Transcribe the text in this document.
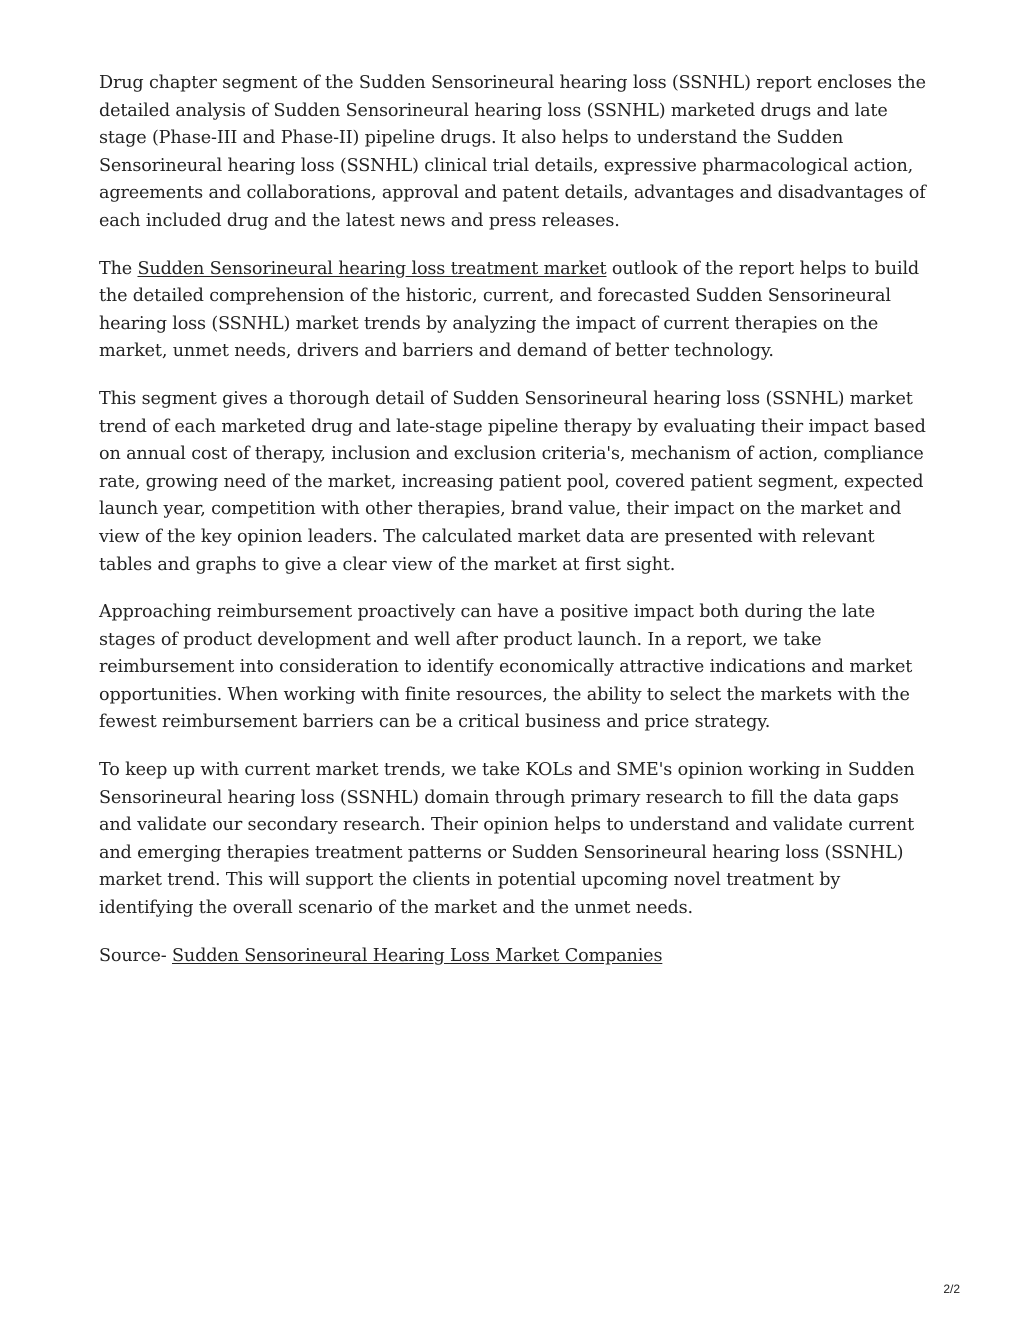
Drug chapter segment of the Sudden Sensorineural hearing loss (SSNHL) report encloses the detailed analysis of Sudden Sensorineural hearing loss (SSNHL) marketed drugs and late stage (Phase-III and Phase-II) pipeline drugs. It also helps to understand the Sudden Sensorineural hearing loss (SSNHL) clinical trial details, expressive pharmacological action, agreements and collaborations, approval and patent details, advantages and disadvantages of each included drug and the latest news and press releases.

The Sudden Sensorineural hearing loss treatment market outlook of the report helps to build the detailed comprehension of the historic, current, and forecasted Sudden Sensorineural hearing loss (SSNHL) market trends by analyzing the impact of current therapies on the market, unmet needs, drivers and barriers and demand of better technology.

This segment gives a thorough detail of Sudden Sensorineural hearing loss (SSNHL) market trend of each marketed drug and late-stage pipeline therapy by evaluating their impact based on annual cost of therapy, inclusion and exclusion criteria's, mechanism of action, compliance rate, growing need of the market, increasing patient pool, covered patient segment, expected launch year, competition with other therapies, brand value, their impact on the market and view of the key opinion leaders. The calculated market data are presented with relevant tables and graphs to give a clear view of the market at first sight.

Approaching reimbursement proactively can have a positive impact both during the late stages of product development and well after product launch. In a report, we take reimbursement into consideration to identify economically attractive indications and market opportunities. When working with finite resources, the ability to select the markets with the fewest reimbursement barriers can be a critical business and price strategy.

To keep up with current market trends, we take KOLs and SME's opinion working in Sudden Sensorineural hearing loss (SSNHL) domain through primary research to fill the data gaps and validate our secondary research. Their opinion helps to understand and validate current and emerging therapies treatment patterns or Sudden Sensorineural hearing loss (SSNHL) market trend. This will support the clients in potential upcoming novel treatment by identifying the overall scenario of the market and the unmet needs.

Source- Sudden Sensorineural Hearing Loss Market Companies

2/2
